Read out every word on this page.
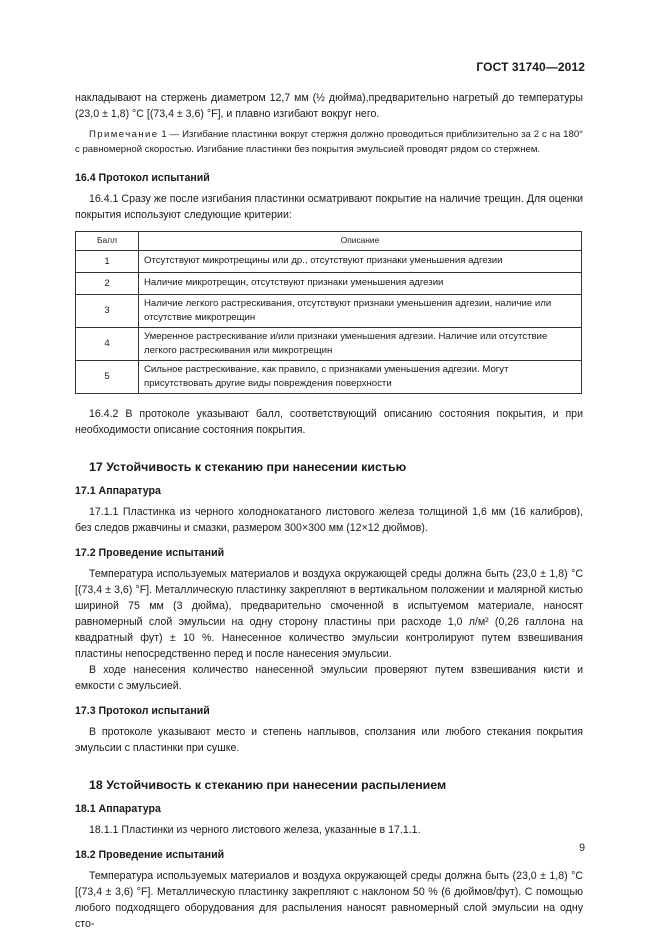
ГОСТ 31740—2012

накладывают на стержень диаметром 12,7 мм (½ дюйма),предварительно нагретый до температуры (23,0 ± 1,8) °С [(73,4 ± 3,6) °F], и плавно изгибают вокруг него.

Примечание 1 — Изгибание пластинки вокруг стержня должно проводиться приблизительно за 2 с на 180° с равномерной скоростью. Изгибание пластинки без покрытия эмульсией проводят рядом со стержнем.

16.4 Протокол испытаний

16.4.1 Сразу же после изгибания пластинки осматривают покрытие на наличие трещин. Для оценки покрытия используют следующие критерии:

Балл	Описание
1	Отсутствуют микротрещины или др., отсутствуют признаки уменьшения адгезии
2	Наличие микротрещин, отсутствуют признаки уменьшения адгезии
3	Наличие легкого растрескивания, отсутствуют признаки уменьшения адгезии, наличие или отсутствие микротрещин
4	Умеренное растрескивание и/или признаки уменьшения адгезии. Наличие или отсутствие легкого растрескивания или микротрещин
5	Сильное растрескивание, как правило, с признаками уменьшения адгезии. Могут присутствовать другие виды повреждения поверхности

16.4.2 В протоколе указывают балл, соответствующий описанию состояния покрытия, и при необходимости описание состояния покрытия.

17 Устойчивость к стеканию при нанесении кистью

17.1 Аппаратура

17.1.1 Пластинка из черного холоднокатаного листового железа толщиной 1,6 мм (16 калибров), без следов ржавчины и смазки, размером 300×300 мм (12×12 дюймов).

17.2 Проведение испытаний

Температура используемых материалов и воздуха окружающей среды должна быть (23,0 ± 1,8) °С [(73,4 ± 3,6) °F]. Металлическую пластинку закрепляют в вертикальном положении и малярной кистью шириной 75 мм (3 дюйма), предварительно смоченной в испытуемом материале, наносят равномерный слой эмульсии на одну сторону пластины при расходе 1,0 л/м² (0,26 галлона на квадратный фут) ± 10 %. Нанесенное количество эмульсии контролируют путем взвешивания пластины непосредственно перед и после нанесения эмульсии.

В ходе нанесения количество нанесенной эмульсии проверяют путем взвешивания кисти и емкости с эмульсией.

17.3 Протокол испытаний

В протоколе указывают место и степень наплывов, сползания или любого стекания покрытия эмульсии с пластинки при сушке.

18 Устойчивость к стеканию при нанесении распылением

18.1 Аппаратура

18.1.1 Пластинки из черного листового железа, указанные в 17.1.1.

18.2 Проведение испытаний

Температура используемых материалов и воздуха окружающей среды должна быть (23,0 ± 1,8) °С [(73,4 ± 3,6) °F]. Металлическую пластинку закрепляют с наклоном 50 % (6 дюймов/фут). С помощью любого подходящего оборудования для распыления наносят равномерный слой эмульсии на одну сто-

9
